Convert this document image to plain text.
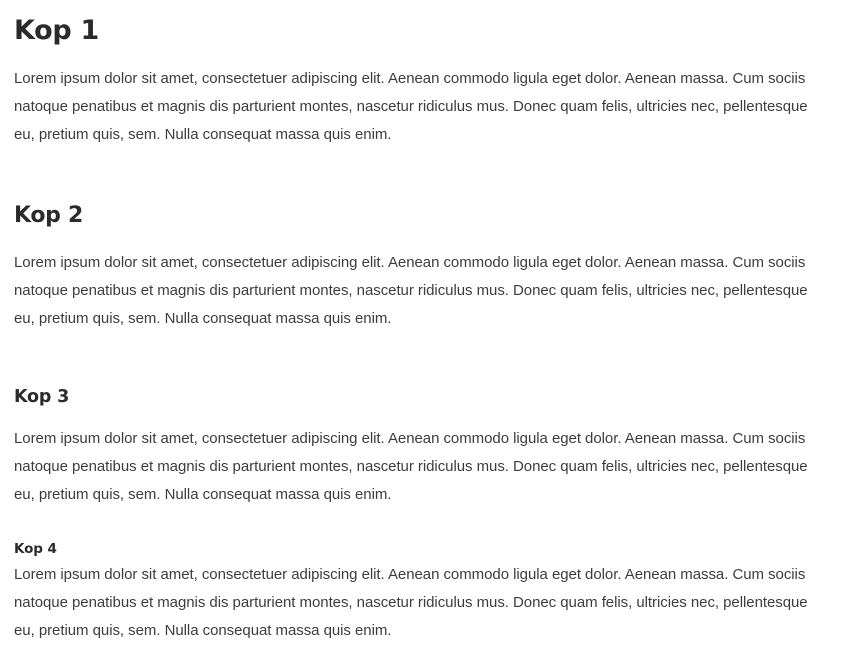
Kop 1

Lorem ipsum dolor sit amet, consectetuer adipiscing elit. Aenean commodo ligula eget dolor. Aenean massa. Cum sociis natoque penatibus et magnis dis parturient montes, nascetur ridiculus mus. Donec quam felis, ultricies nec, pellentesque eu, pretium quis, sem. Nulla consequat massa quis enim.

Kop 2

Lorem ipsum dolor sit amet, consectetuer adipiscing elit. Aenean commodo ligula eget dolor. Aenean massa. Cum sociis natoque penatibus et magnis dis parturient montes, nascetur ridiculus mus. Donec quam felis, ultricies nec, pellentesque eu, pretium quis, sem. Nulla consequat massa quis enim.

Kop 3

Lorem ipsum dolor sit amet, consectetuer adipiscing elit. Aenean commodo ligula eget dolor. Aenean massa. Cum sociis natoque penatibus et magnis dis parturient montes, nascetur ridiculus mus. Donec quam felis, ultricies nec, pellentesque eu, pretium quis, sem. Nulla consequat massa quis enim.

Kop 4

Lorem ipsum dolor sit amet, consectetuer adipiscing elit. Aenean commodo ligula eget dolor. Aenean massa. Cum sociis natoque penatibus et magnis dis parturient montes, nascetur ridiculus mus. Donec quam felis, ultricies nec, pellentesque eu, pretium quis, sem. Nulla consequat massa quis enim.
